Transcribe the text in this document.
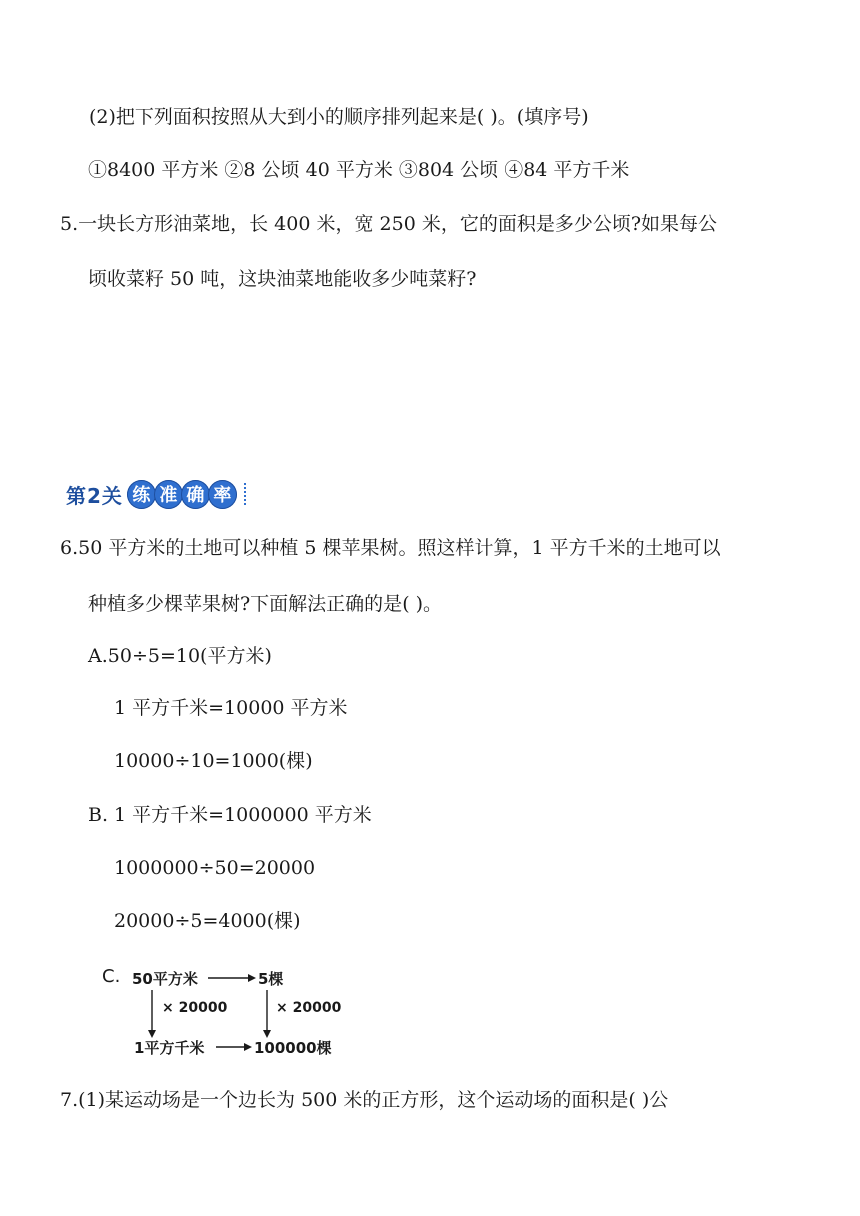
(2)把下列面积按照从大到小的顺序排列起来是( )。(填序号)
①8400 平方米 ②8 公顷 40 平方米 ③804 公顷 ④84 平方千米
5.一块长方形油菜地，长 400 米，宽 250 米，它的面积是多少公顷?如果每公
顷收菜籽 50 吨，这块油菜地能收多少吨菜籽?
第2关 练 准 确 率
6.50 平方米的土地可以种植 5 棵苹果树。照这样计算，1 平方千米的土地可以
种植多少棵苹果树?下面解法正确的是( )。
A.50÷5=10(平方米)
1 平方千米=10000 平方米
10000÷10=1000(棵)
B. 1 平方千米=1000000 平方米
1000000÷50=20000
20000÷5=4000(棵)
C. 50平方米	5棵
× 20000	× 20000
1平方千米	100000棵
7.(1)某运动场是一个边长为 500 米的正方形，这个运动场的面积是( )公
